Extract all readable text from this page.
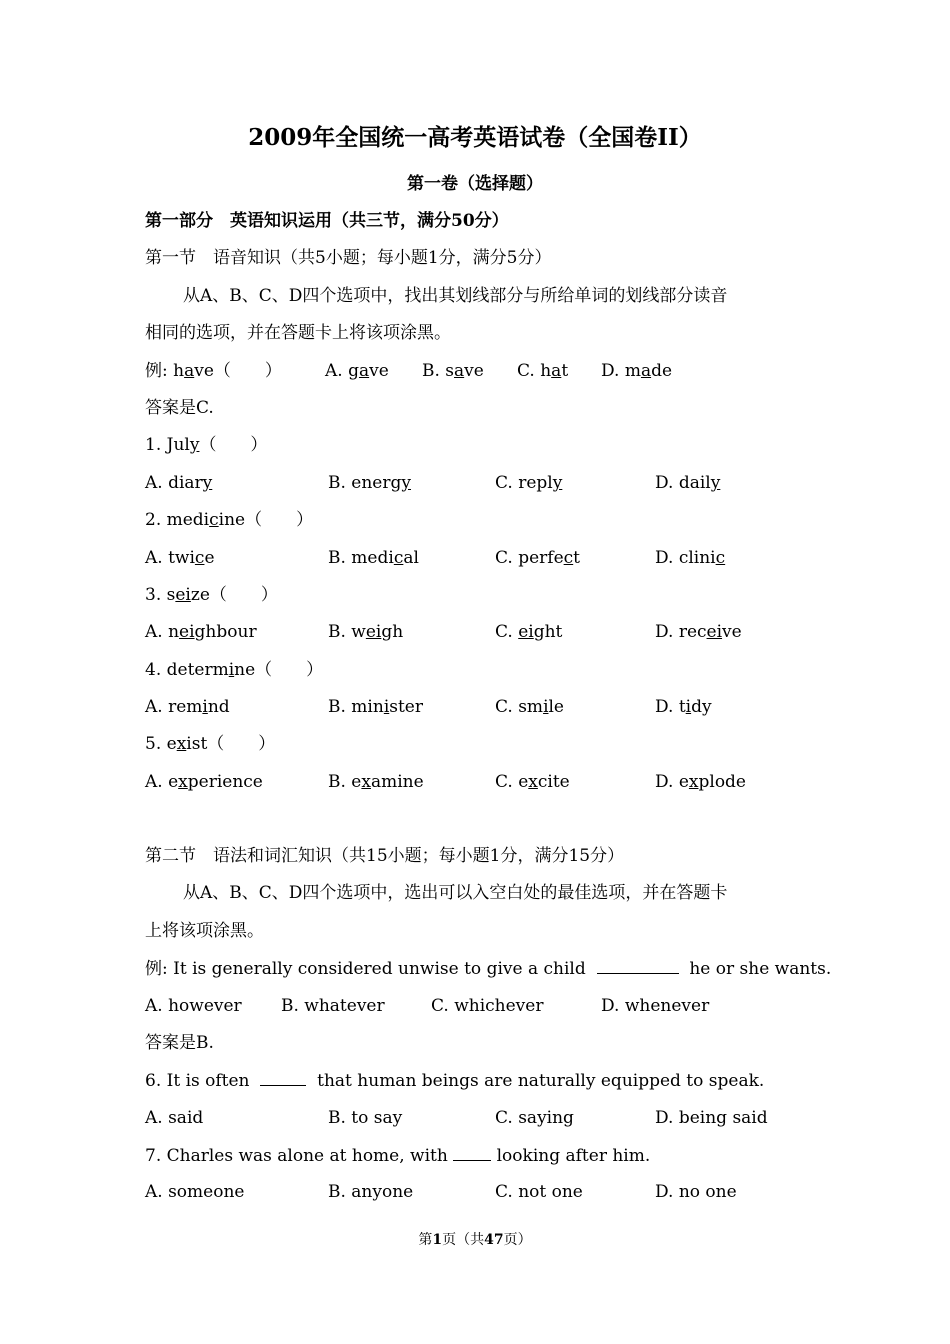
2009年全国统一高考英语试卷（全国卷II）
第一卷（选择题）
第一部分　英语知识运用（共三节，满分50分）
第一节　语音知识（共5小题；每小题1分，满分5分）
从A、B、C、D四个选项中，找出其划线部分与所给单词的划线部分读音
相同的选项，并在答题卡上将该项涂黑。
例: have（　　）	A. gave B. save C. hat D. made
答案是C.
1. July（　　）
A. diary	B. energy	C. reply	D. daily
2. medicine（　　）
A. twice	B. medical	C. perfect	D. clinic
3. seize（　　）
A. neighbour	B. weigh	C. eight	D. receive
4. determine（　　）
A. remind	B. minister	C. smile	D. tidy
5. exist（　　）
A. experience	B. examine	C. excite	D. explode
第二节　语法和词汇知识（共15小题；每小题1分，满分15分）
从A、B、C、D四个选项中，选出可以入空白处的最佳选项，并在答题卡
上将该项涂黑。
例: It is generally considered unwise to give a child	he or she wants.
A. however B. whatever	C. whichever	D. whenever
答案是B.
6. It is often	that human beings are naturally equipped to speak.
A. said	B. to say	C. saying	D. being said
7. Charles was alone at home, with	looking after him.
A. someone	B. anyone	C. not one	D. no one
第1页（共47页）
